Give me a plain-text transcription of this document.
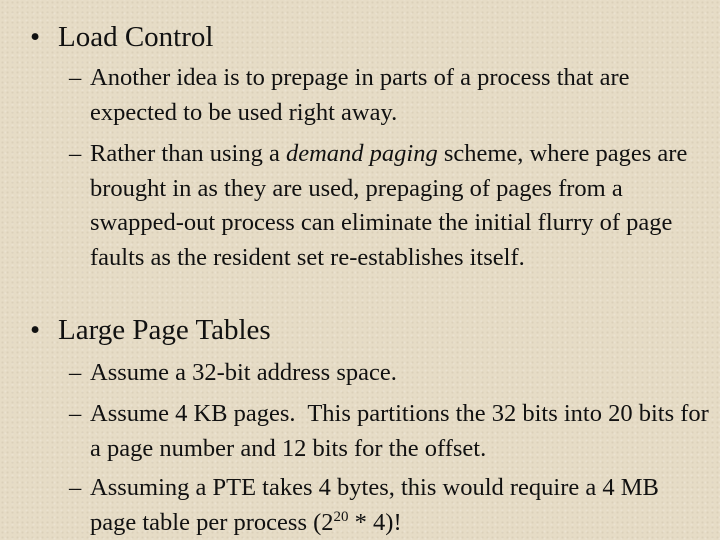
• Load Control
– Another idea is to prepage in parts of a process that are expected to be used right away.
– Rather than using a demand paging scheme, where pages are brought in as they are used, prepaging of pages from a swapped-out process can eliminate the initial flurry of page faults as the resident set re-establishes itself.
• Large Page Tables
– Assume a 32-bit address space.
– Assume 4 KB pages.  This partitions the 32 bits into 20 bits for a page number and 12 bits for the offset.
– Assuming a PTE takes 4 bytes, this would require a 4 MB page table per process $(2^{20} * 4)$!
